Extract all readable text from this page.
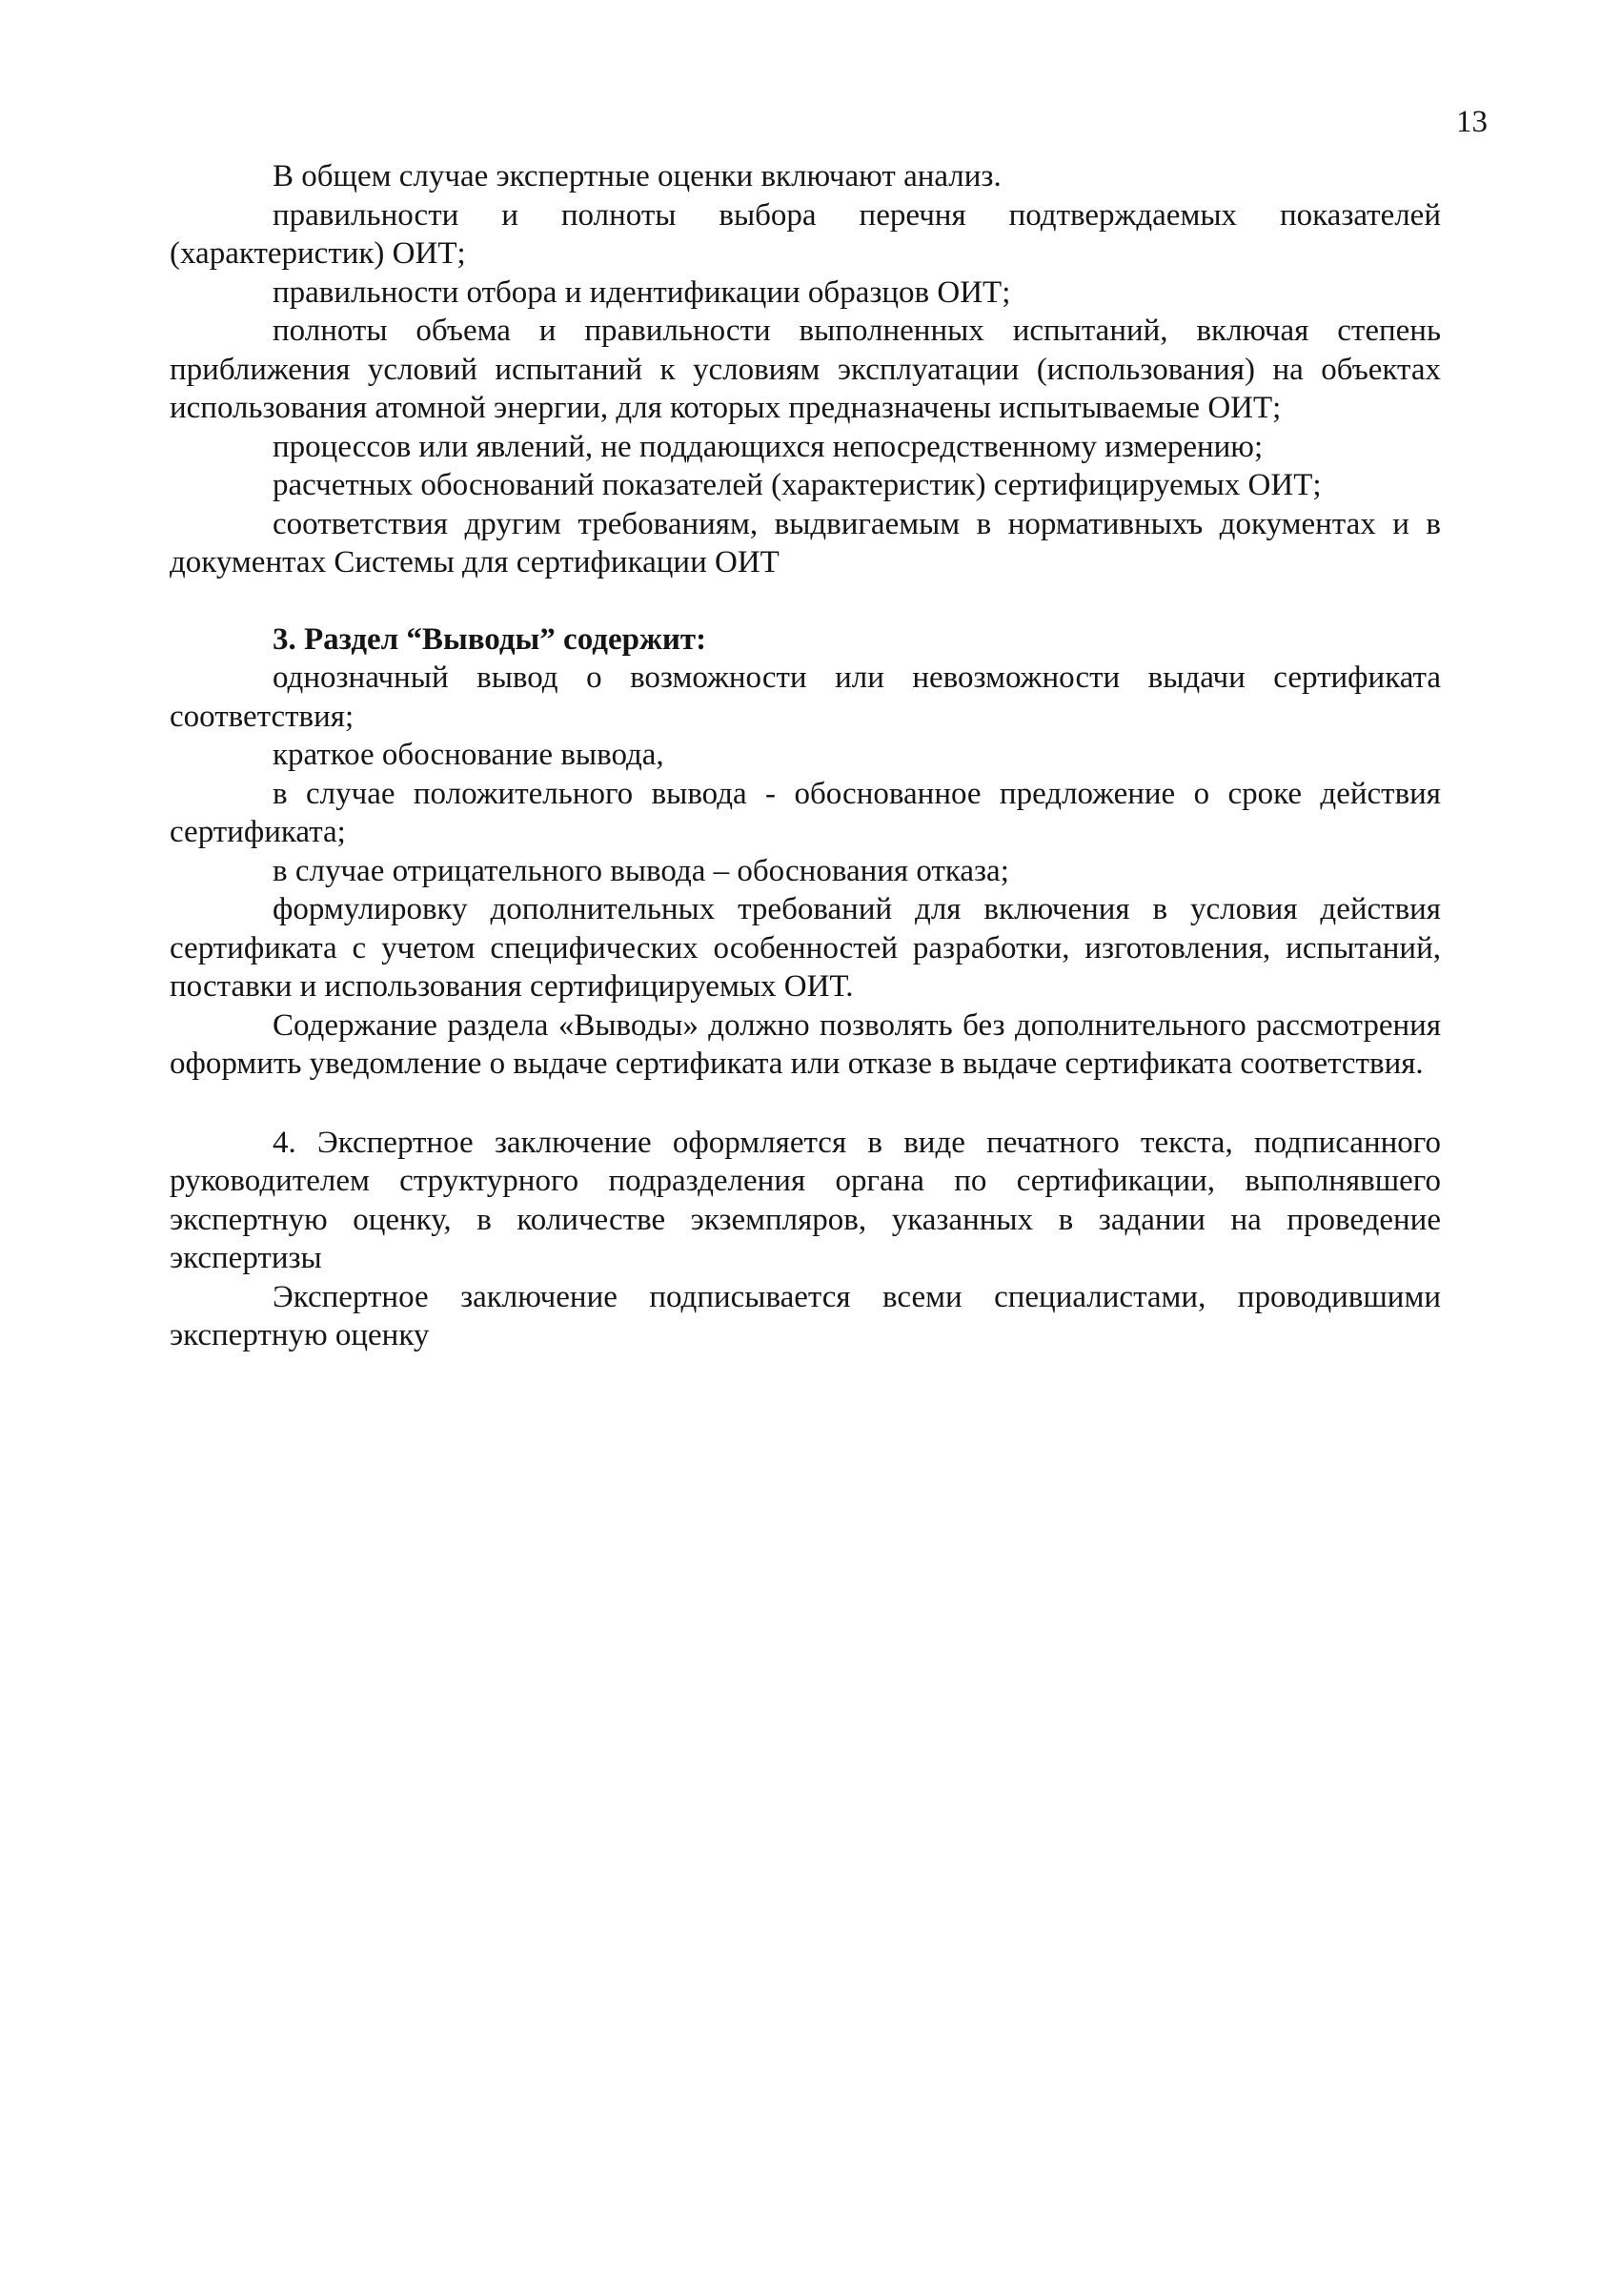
13

В общем случае экспертные оценки включают анализ.

правильности и полноты выбора перечня подтверждаемых показателей (характеристик) ОИТ;

правильности отбора и идентификации образцов ОИТ;

полноты объема и правильности выполненных испытаний, включая степень приближения условий испытаний к условиям эксплуатации (использования) на объектах использования атомной энергии, для которых предназначены испытываемые ОИТ;

процессов или явлений, не поддающихся непосредственному измерению;

расчетных обоснований показателей (характеристик) сертифицируемых ОИТ;

соответствия другим требованиям, выдвигаемым в нормативныхъ документах и в документах Системы для сертификации ОИТ

3. Раздел “Выводы” содержит:

однозначный вывод о возможности или невозможности выдачи сертификата соответствия;

краткое обоснование вывода,

в случае положительного вывода - обоснованное предложение о сроке действия сертификата;

в случае отрицательного вывода – обоснования отказа;

формулировку дополнительных требований для включения в условия действия сертификата с учетом специфических особенностей разработки, изготовления, испытаний, поставки и использования сертифицируемых ОИТ.

Содержание раздела «Выводы» должно позволять без дополнительного рассмотрения оформить уведомление о выдаче сертификата или отказе в выдаче сертификата соответствия.

4. Экспертное заключение оформляется в виде печатного текста, подписанного руководителем структурного подразделения органа по сертификации, выполнявшего экспертную оценку, в количестве экземпляров, указанных в задании на проведение экспертизы

Экспертное заключение подписывается всеми специалистами, проводившими экспертную оценку
